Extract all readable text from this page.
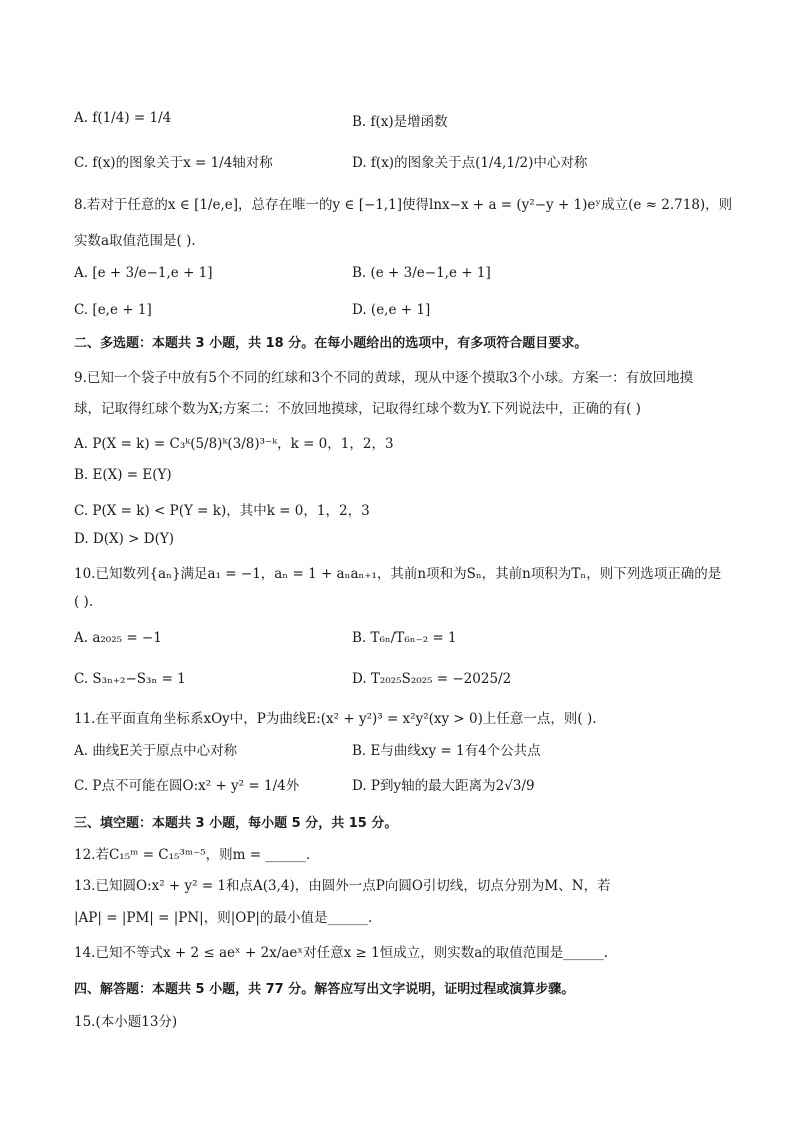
A. f(1/4) = 1/4	B. f(x)是增函数
C. f(x)的图象关于x = 1/4轴对称	D. f(x)的图象关于点(1/4,1/2)中心对称
8.若对于任意的x ∈ [1/e,e]，总存在唯一的y ∈ [−1,1]使得lnx−x + a = (y²−y + 1)eʸ成立(e ≈ 2.718)，则
实数a取值范围是( ).
A. [e + 3/e−1,e + 1]	B. (e + 3/e−1,e + 1]
C. [e,e + 1]	D. (e,e + 1]
二、多选题：本题共 3 小题，共 18 分。在每小题给出的选项中，有多项符合题目要求。
9.已知一个袋子中放有5个不同的红球和3个不同的黄球，现从中逐个摸取3个小球。方案一：有放回地摸
球，记取得红球个数为X;方案二：不放回地摸球，记取得红球个数为Y.下列说法中，正确的有( )
A. P(X = k) = C₃ᵏ(5/8)ᵏ(3/8)³⁻ᵏ，k = 0，1，2，3
B. E(X) = E(Y)
C. P(X = k) < P(Y = k)，其中k = 0，1，2，3
D. D(X) > D(Y)
10.已知数列{aₙ}满足a₁ = −1，aₙ = 1 + aₙaₙ₊₁，其前n项和为Sₙ，其前n项积为Tₙ，则下列选项正确的是
( ).
A. a₂₀₂₅ = −1	B. T₆ₙ/T₆ₙ₋₂ = 1
C. S₃ₙ₊₂−S₃ₙ = 1	D. T₂₀₂₅S₂₀₂₅ = −2025/2
11.在平面直角坐标系xOy中，P为曲线E:(x² + y²)³ = x²y²(xy > 0)上任意一点，则( ).
A. 曲线E关于原点中心对称	B. E与曲线xy = 1有4个公共点
C. P点不可能在圆O:x² + y² = 1/4外	D. P到y轴的最大距离为2√3/9
三、填空题：本题共 3 小题，每小题 5 分，共 15 分。
12.若C₁₅ᵐ = C₁₅³ᵐ⁻⁵，则m = ______.
13.已知圆O:x² + y² = 1和点A(3,4)，由圆外一点P向圆O引切线，切点分别为M、N，若
|AP| = |PM| = |PN|，则|OP|的最小值是______.
14.已知不等式x + 2 ≤ aeˣ + 2x/aeˣ对任意x ≥ 1恒成立，则实数a的取值范围是______.
四、解答题：本题共 5 小题，共 77 分。解答应写出文字说明，证明过程或演算步骤。
15.(本小题13分)
